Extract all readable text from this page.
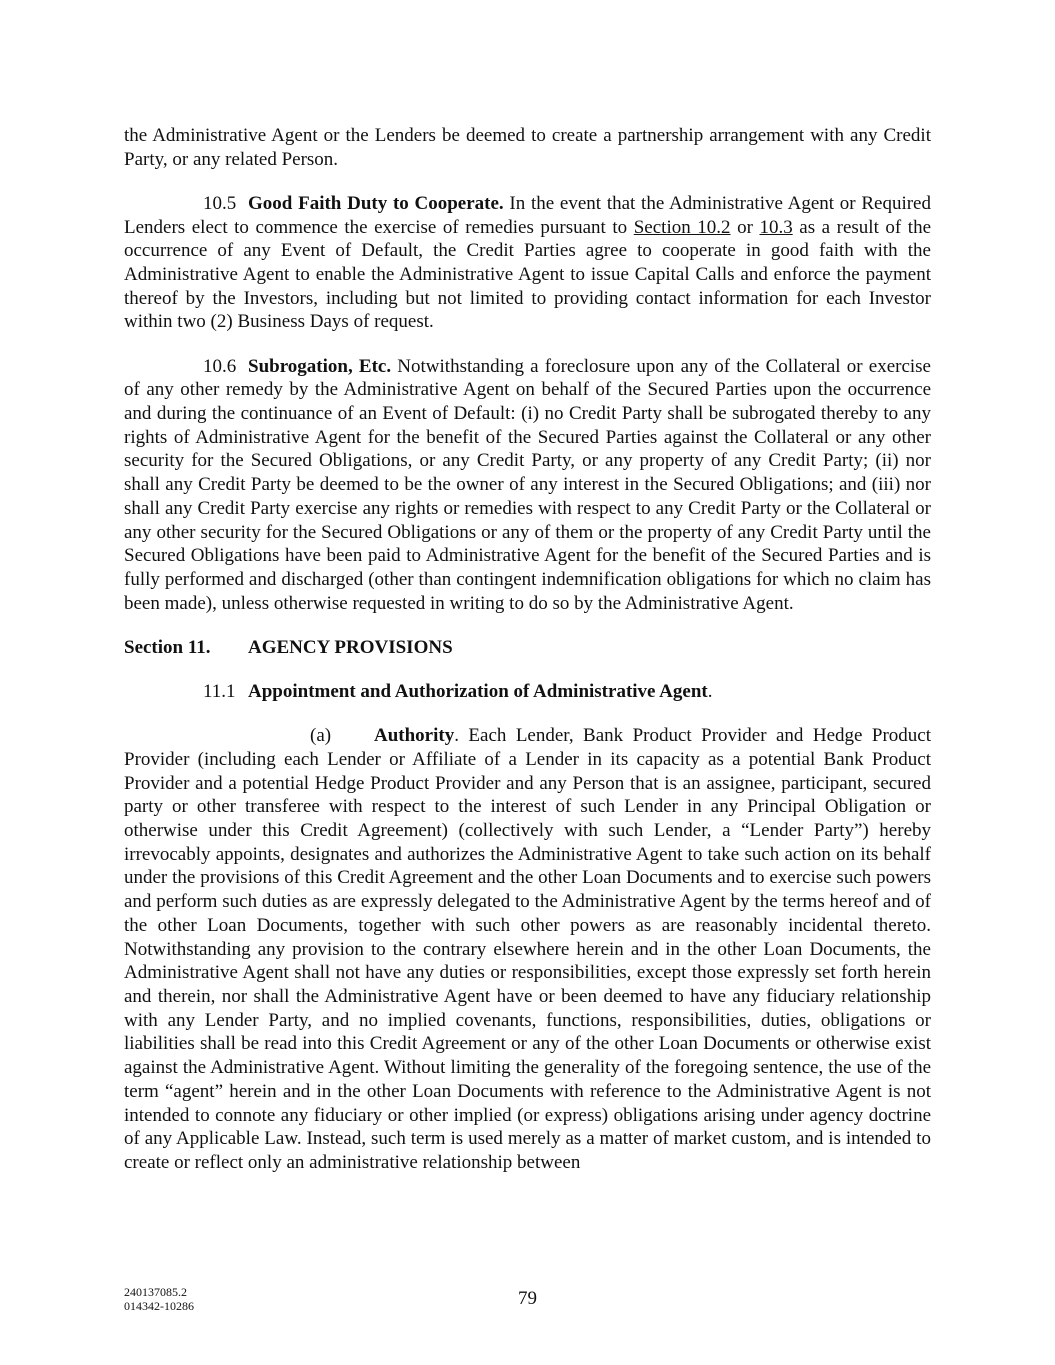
the Administrative Agent or the Lenders be deemed to create a partnership arrangement with any Credit Party, or any related Person.

10.5 Good Faith Duty to Cooperate. In the event that the Administrative Agent or Required Lenders elect to commence the exercise of remedies pursuant to Section 10.2 or 10.3 as a result of the occurrence of any Event of Default, the Credit Parties agree to cooperate in good faith with the Administrative Agent to enable the Administrative Agent to issue Capital Calls and enforce the payment thereof by the Investors, including but not limited to providing contact information for each Investor within two (2) Business Days of request.

10.6 Subrogation, Etc. Notwithstanding a foreclosure upon any of the Collateral or exercise of any other remedy by the Administrative Agent on behalf of the Secured Parties upon the occurrence and during the continuance of an Event of Default: (i) no Credit Party shall be subrogated thereby to any rights of Administrative Agent for the benefit of the Secured Parties against the Collateral or any other security for the Secured Obligations, or any Credit Party, or any property of any Credit Party; (ii) nor shall any Credit Party be deemed to be the owner of any interest in the Secured Obligations; and (iii) nor shall any Credit Party exercise any rights or remedies with respect to any Credit Party or the Collateral or any other security for the Secured Obligations or any of them or the property of any Credit Party until the Secured Obligations have been paid to Administrative Agent for the benefit of the Secured Parties and is fully performed and discharged (other than contingent indemnification obligations for which no claim has been made), unless otherwise requested in writing to do so by the Administrative Agent.

Section 11. AGENCY PROVISIONS

11.1 Appointment and Authorization of Administrative Agent.

(a) Authority. Each Lender, Bank Product Provider and Hedge Product Provider (including each Lender or Affiliate of a Lender in its capacity as a potential Bank Product Provider and a potential Hedge Product Provider and any Person that is an assignee, participant, secured party or other transferee with respect to the interest of such Lender in any Principal Obligation or otherwise under this Credit Agreement) (collectively with such Lender, a “Lender Party”) hereby irrevocably appoints, designates and authorizes the Administrative Agent to take such action on its behalf under the provisions of this Credit Agreement and the other Loan Documents and to exercise such powers and perform such duties as are expressly delegated to the Administrative Agent by the terms hereof and of the other Loan Documents, together with such other powers as are reasonably incidental thereto. Notwithstanding any provision to the contrary elsewhere herein and in the other Loan Documents, the Administrative Agent shall not have any duties or responsibilities, except those expressly set forth herein and therein, nor shall the Administrative Agent have or been deemed to have any fiduciary relationship with any Lender Party, and no implied covenants, functions, responsibilities, duties, obligations or liabilities shall be read into this Credit Agreement or any of the other Loan Documents or otherwise exist against the Administrative Agent. Without limiting the generality of the foregoing sentence, the use of the term “agent” herein and in the other Loan Documents with reference to the Administrative Agent is not intended to connote any fiduciary or other implied (or express) obligations arising under agency doctrine of any Applicable Law. Instead, such term is used merely as a matter of market custom, and is intended to create or reflect only an administrative relationship between

240137085.2
014342-10286	79
